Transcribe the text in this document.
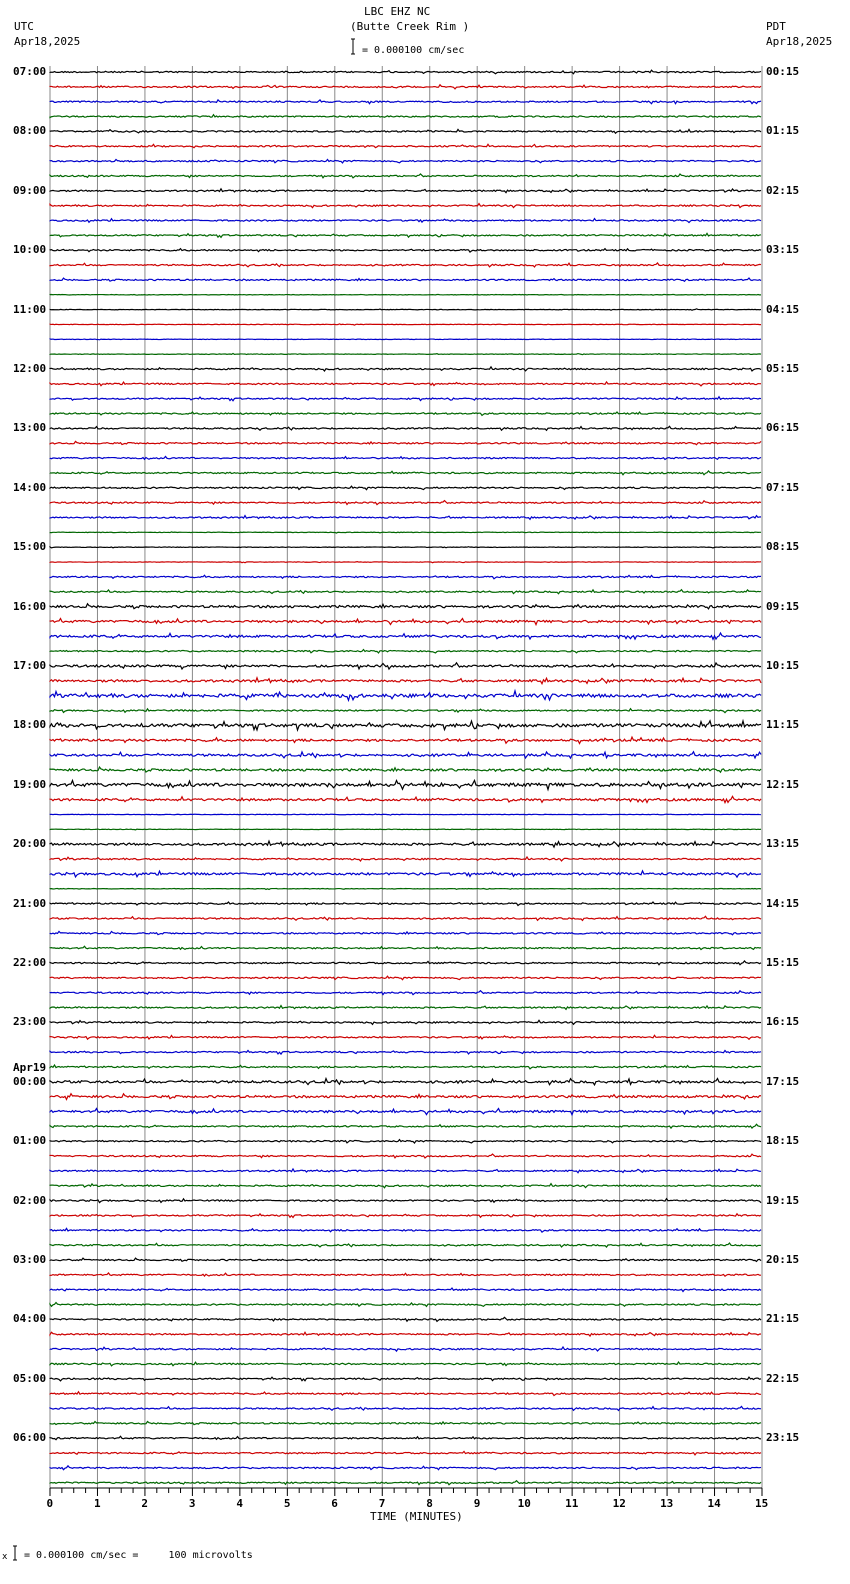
LBC EHZ NC
(Butte Creek Rim )
= 0.000100 cm/sec
UTC
Apr18,2025
PDT
Apr18,2025
07:00
08:00
09:00
10:00
11:00
12:00
13:00
14:00
15:00
16:00
17:00
18:00
19:00
20:00
21:00
22:00
23:00
00:00
01:00
02:00
03:00
04:00
05:00
06:00
Apr19
00:15
01:15
02:15
03:15
04:15
05:15
06:15
07:15
08:15
09:15
10:15
11:15
12:15
13:15
14:15
15:15
16:15
17:15
18:15
19:15
20:15
21:15
22:15
23:15
0	1	2	3	4	5	6	7	8	9	10	11	12	13	14	15
TIME (MINUTES)
x = 0.000100 cm/sec =     100 microvolts
